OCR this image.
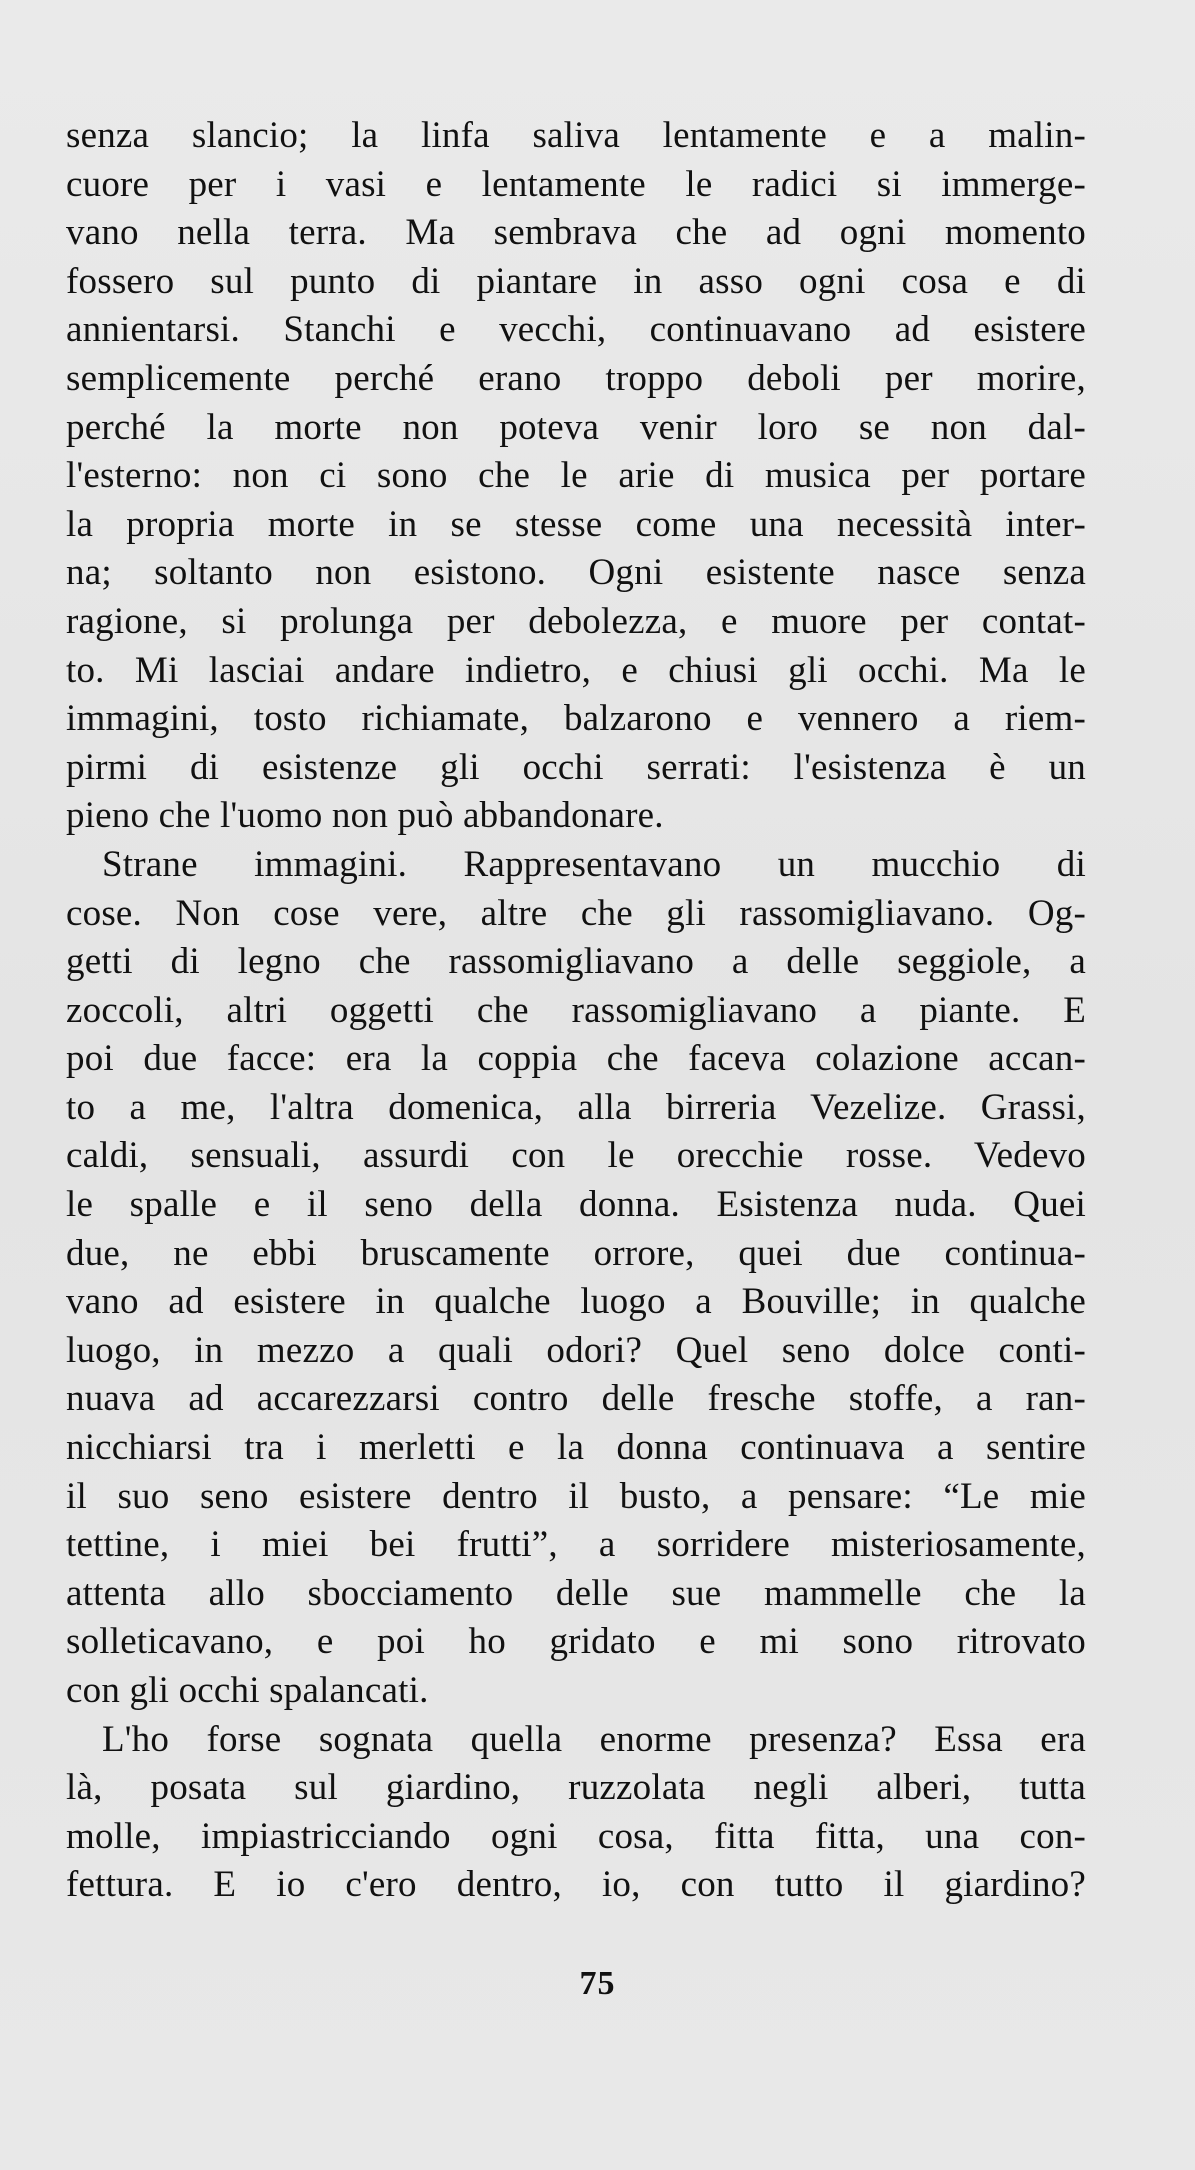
senza slancio; la linfa saliva lentamente e a malin-
cuore per i vasi e lentamente le radici si immerge-
vano nella terra. Ma sembrava che ad ogni momento
fossero sul punto di piantare in asso ogni cosa e di
annientarsi. Stanchi e vecchi, continuavano ad esistere
semplicemente perché erano troppo deboli per morire,
perché la morte non poteva venir loro se non dal-
l'esterno: non ci sono che le arie di musica per portare
la propria morte in se stesse come una necessità inter-
na; soltanto non esistono. Ogni esistente nasce senza
ragione, si prolunga per debolezza, e muore per contat-
to. Mi lasciai andare indietro, e chiusi gli occhi. Ma le
immagini, tosto richiamate, balzarono e vennero a riem-
pirmi di esistenze gli occhi serrati: l'esistenza è un
pieno che l'uomo non può abbandonare.
Strane immagini. Rappresentavano un mucchio di
cose. Non cose vere, altre che gli rassomigliavano. Og-
getti di legno che rassomigliavano a delle seggiole, a
zoccoli, altri oggetti che rassomigliavano a piante. E
poi due facce: era la coppia che faceva colazione accan-
to a me, l'altra domenica, alla birreria Vezelize. Grassi,
caldi, sensuali, assurdi con le orecchie rosse. Vedevo
le spalle e il seno della donna. Esistenza nuda. Quei
due, ne ebbi bruscamente orrore, quei due continua-
vano ad esistere in qualche luogo a Bouville; in qualche
luogo, in mezzo a quali odori? Quel seno dolce conti-
nuava ad accarezzarsi contro delle fresche stoffe, a ran-
nicchiarsi tra i merletti e la donna continuava a sentire
il suo seno esistere dentro il busto, a pensare: “Le mie
tettine, i miei bei frutti”, a sorridere misteriosamente,
attenta allo sbocciamento delle sue mammelle che la
solleticavano, e poi ho gridato e mi sono ritrovato
con gli occhi spalancati.
L'ho forse sognata quella enorme presenza? Essa era
là, posata sul giardino, ruzzolata negli alberi, tutta
molle, impiastricciando ogni cosa, fitta fitta, una con-
fettura. E io c'ero dentro, io, con tutto il giardino?
75
